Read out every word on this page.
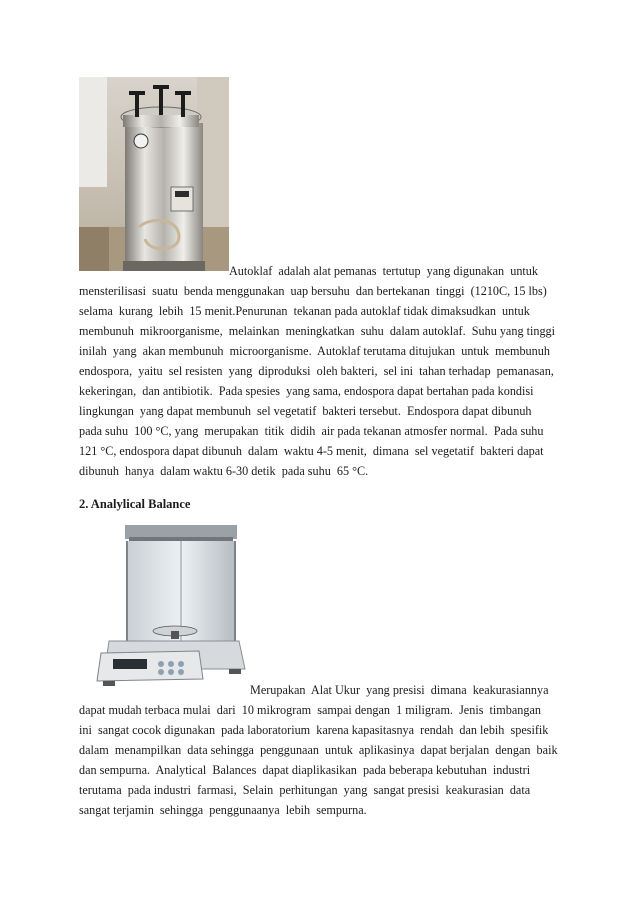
Autoklaf  adalah alat pemanas  tertutup  yang digunakan  untuk
mensterilisasi  suatu  benda menggunakan  uap bersuhu  dan bertekanan  tinggi  (1210C, 15 lbs)
selama  kurang  lebih  15 menit.Penurunan  tekanan pada autoklaf tidak dimaksudkan  untuk
membunuh  mikroorganisme,  melainkan  meningkatkan  suhu  dalam autoklaf.  Suhu yang tinggi
inilah  yang  akan membunuh  microorganisme.  Autoklaf terutama ditujukan  untuk  membunuh
endospora,  yaitu  sel resisten  yang  diproduksi  oleh bakteri,  sel ini  tahan terhadap  pemanasan,
kekeringan,  dan antibiotik.  Pada spesies  yang sama, endospora dapat bertahan pada kondisi
lingkungan  yang dapat membunuh  sel vegetatif  bakteri tersebut.  Endospora dapat dibunuh
pada suhu  100 °C, yang  merupakan  titik  didih  air pada tekanan atmosfer normal.  Pada suhu
121 °C, endospora dapat dibunuh  dalam  waktu 4-5 menit,  dimana  sel vegetatif  bakteri dapat
dibunuh  hanya  dalam waktu 6-30 detik  pada suhu  65 °C.
2. Analylical Balance
Merupakan  Alat Ukur  yang presisi  dimana  keakurasiannya
dapat mudah terbaca mulai  dari  10 mikrogram  sampai dengan  1 miligram.  Jenis  timbangan
ini  sangat cocok digunakan  pada laboratorium  karena kapasitasnya  rendah  dan lebih  spesifik
dalam  menampilkan  data sehingga  penggunaan  untuk  aplikasinya  dapat berjalan  dengan  baik
dan sempurna.  Analytical  Balances  dapat diaplikasikan  pada beberapa kebutuhan  industri
terutama  pada industri  farmasi,  Selain  perhitungan  yang  sangat presisi  keakurasian  data
sangat terjamin  sehingga  penggunaanya  lebih  sempurna.
